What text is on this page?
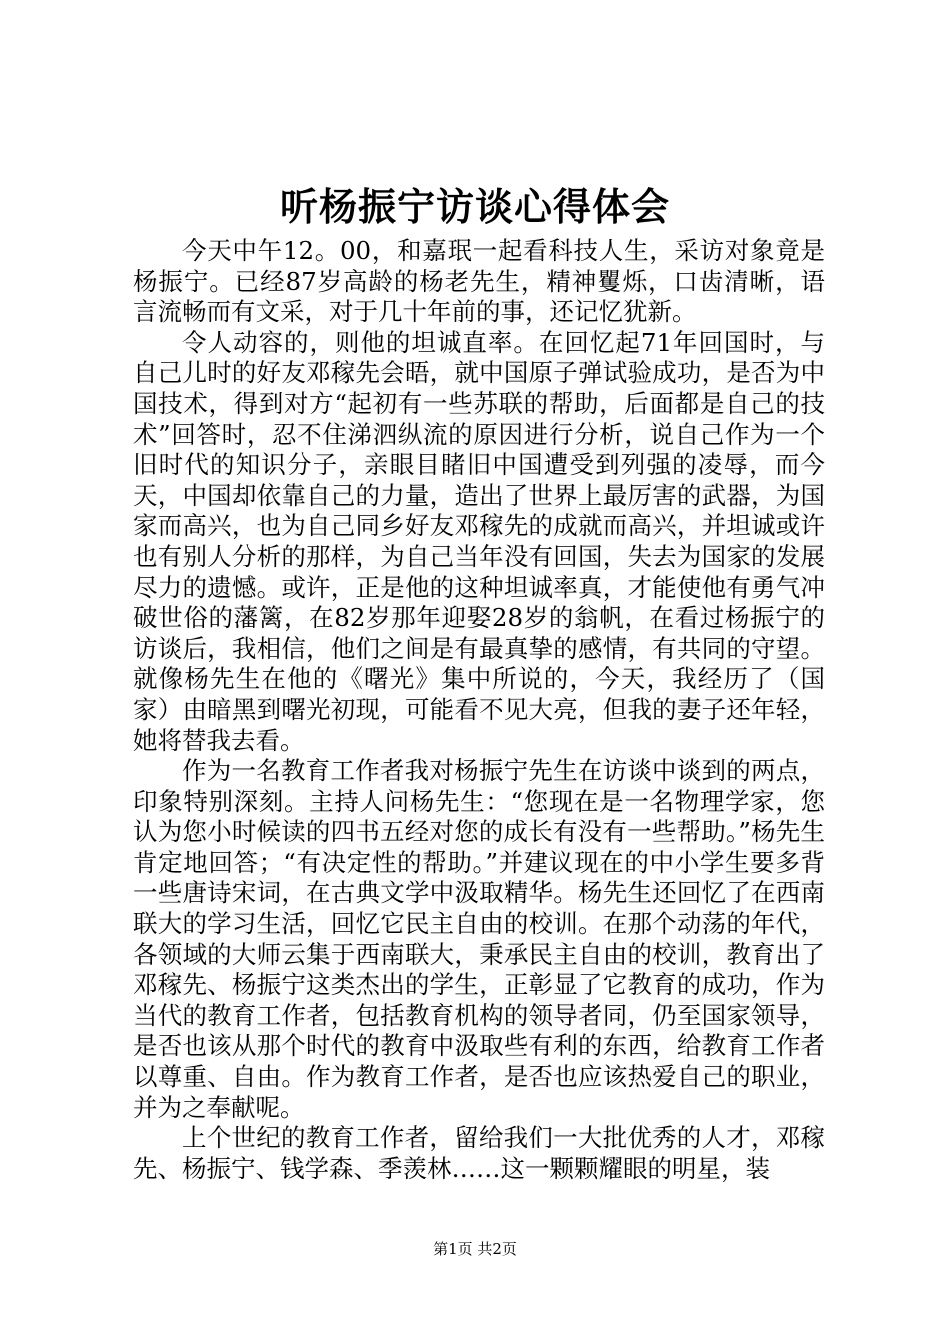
听杨振宁访谈心得体会

今天中午12。00，和嘉珉一起看科技人生，采访对象竟是杨振宁。已经87岁高龄的杨老先生，精神矍烁，口齿清晰，语言流畅而有文采，对于几十年前的事，还记忆犹新。

令人动容的，则他的坦诚直率。在回忆起71年回国时，与自己儿时的好友邓稼先会晤，就中国原子弹试验成功，是否为中国技术，得到对方“起初有一些苏联的帮助，后面都是自己的技术”回答时，忍不住涕泗纵流的原因进行分析，说自己作为一个旧时代的知识分子，亲眼目睹旧中国遭受到列强的凌辱，而今天，中国却依靠自己的力量，造出了世界上最厉害的武器，为国家而高兴，也为自己同乡好友邓稼先的成就而高兴，并坦诚或许也有别人分析的那样，为自己当年没有回国，失去为国家的发展尽力的遗憾。或许，正是他的这种坦诚率真，才能使他有勇气冲破世俗的藩篱，在82岁那年迎娶28岁的翁帆，在看过杨振宁的访谈后，我相信，他们之间是有最真挚的感情，有共同的守望。就像杨先生在他的《曙光》集中所说的，今天，我经历了（国家）由暗黑到曙光初现，可能看不见大亮，但我的妻子还年轻，她将替我去看。

作为一名教育工作者我对杨振宁先生在访谈中谈到的两点，印象特别深刻。主持人问杨先生：“您现在是一名物理学家，您认为您小时候读的四书五经对您的成长有没有一些帮助。”杨先生肯定地回答；“有决定性的帮助。”并建议现在的中小学生要多背一些唐诗宋词，在古典文学中汲取精华。杨先生还回忆了在西南联大的学习生活，回忆它民主自由的校训。在那个动荡的年代，各领域的大师云集于西南联大，秉承民主自由的校训，教育出了邓稼先、杨振宁这类杰出的学生，正彰显了它教育的成功，作为当代的教育工作者，包括教育机构的领导者同，仍至国家领导，是否也该从那个时代的教育中汲取些有利的东西，给教育工作者以尊重、自由。作为教育工作者，是否也应该热爱自己的职业，并为之奉献呢。

上个世纪的教育工作者，留给我们一大批优秀的人才，邓稼先、杨振宁、钱学森、季羡林……这一颗颗耀眼的明星，装

第1页 共2页
